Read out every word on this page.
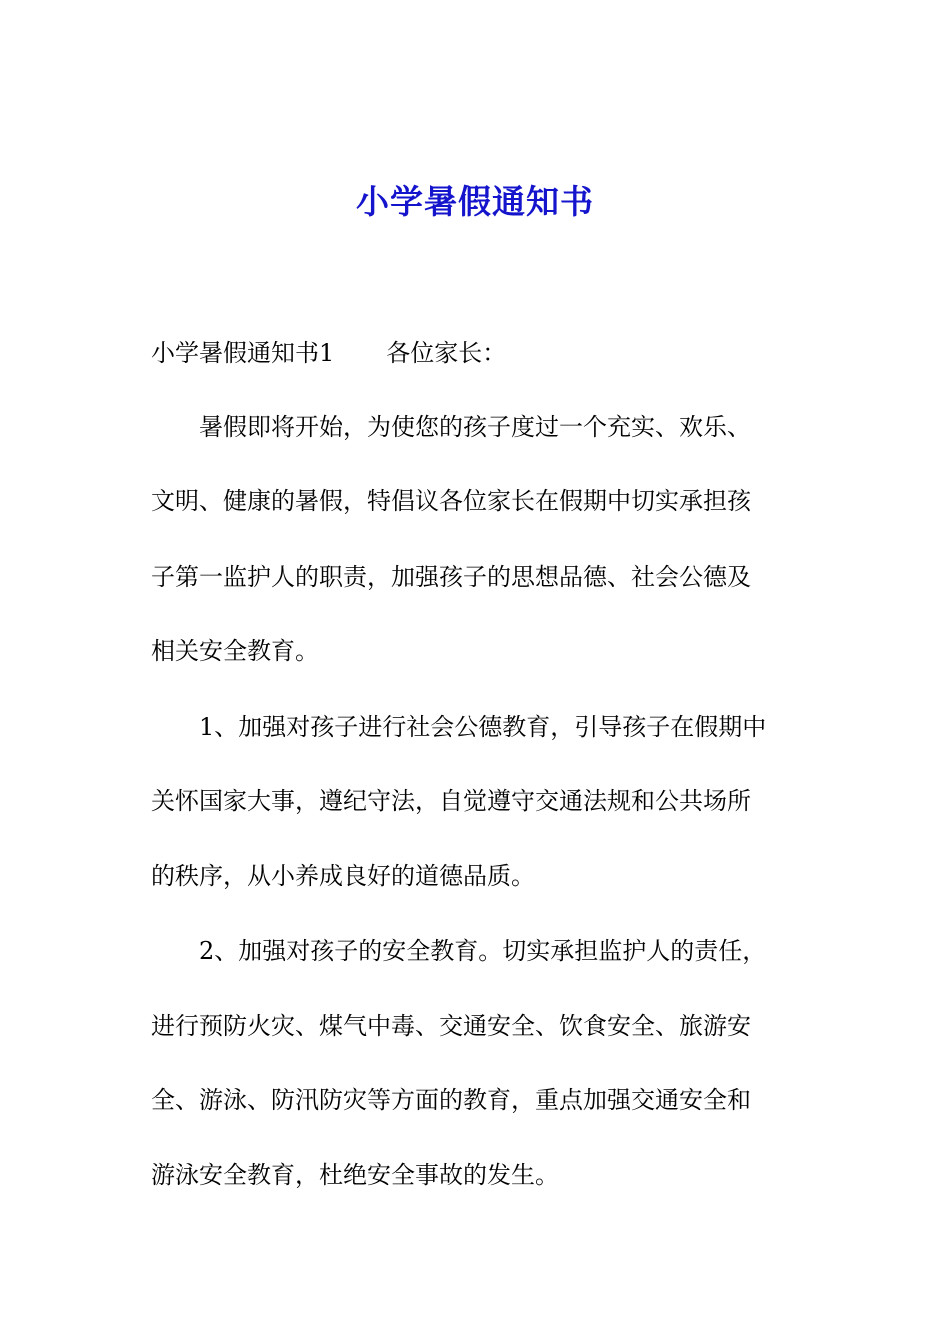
小学暑假通知书

小学暑假通知书1 各位家长：

暑假即将开始，为使您的孩子度过一个充实、欢乐、

文明、健康的暑假，特倡议各位家长在假期中切实承担孩

子第一监护人的职责，加强孩子的思想品德、社会公德及

相关安全教育。

1、加强对孩子进行社会公德教育，引导孩子在假期中

关怀国家大事，遵纪守法，自觉遵守交通法规和公共场所

的秩序，从小养成良好的道德品质。

2、加强对孩子的安全教育。切实承担监护人的责任，

进行预防火灾、煤气中毒、交通安全、饮食安全、旅游安

全、游泳、防汛防灾等方面的教育，重点加强交通安全和

游泳安全教育，杜绝安全事故的发生。
